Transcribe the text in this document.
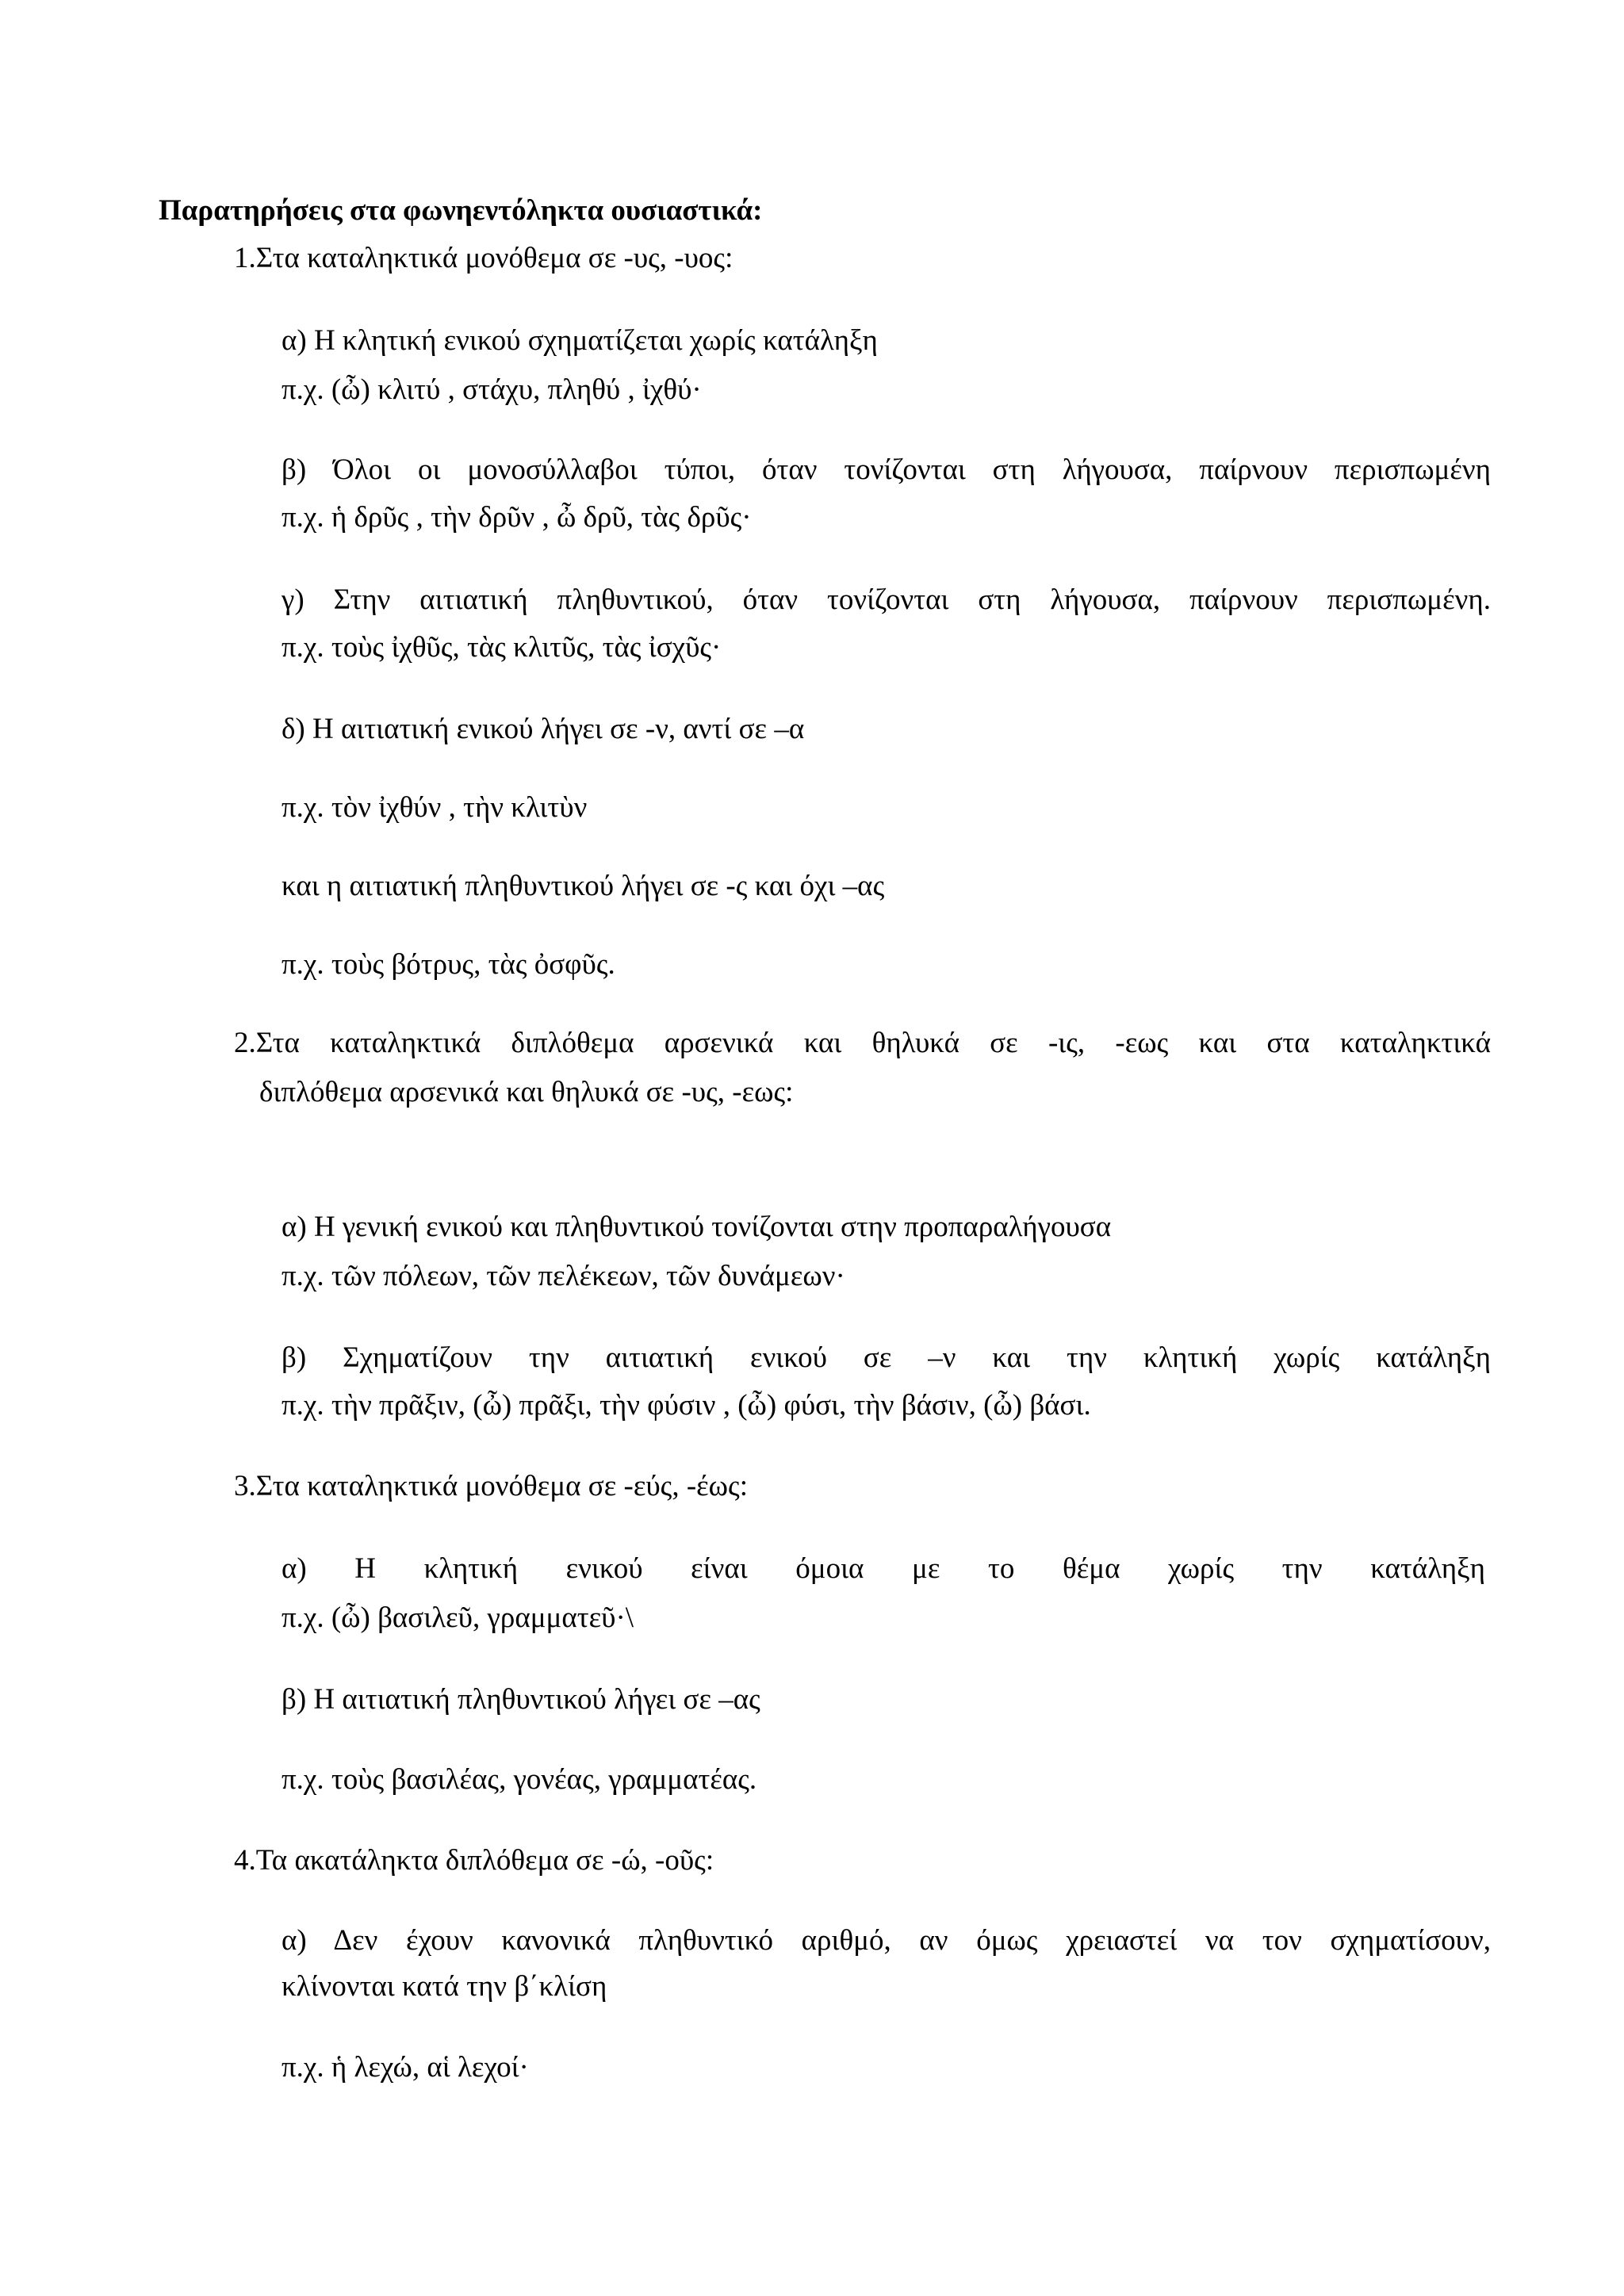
Παρατηρήσεις στα φωνηεντόληκτα ουσιαστικά:
1.Στα καταληκτικά μονόθεμα σε -υς, -υος:
α) Η κλητική ενικού σχηματίζεται χωρίς κατάληξη
π.χ. (ὦ) κλιτύ , στάχυ, πληθύ , ἰχθύ·
β) Όλοι οι μονοσύλλαβοι τύποι, όταν τονίζονται στη λήγουσα, παίρνουν περισπωμένη
π.χ. ἡ δρῦς , τὴν δρῦν , ὦ δρῦ, τὰς δρῦς·
γ) Στην αιτιατική πληθυντικού, όταν τονίζονται στη λήγουσα, παίρνουν περισπωμένη.
π.χ. τοὺς ἰχθῦς, τὰς κλιτῦς, τὰς ἰσχῦς·
δ) Η αιτιατική ενικού λήγει σε -ν, αντί σε –α
π.χ. τὸν ἰχθύν , τὴν κλιτὺν
και η αιτιατική πληθυντικού λήγει σε -ς και όχι –ας
π.χ. τοὺς βότρυς, τὰς ὀσφῦς.
2.Στα καταληκτικά διπλόθεμα αρσενικά και θηλυκά σε -ις, -εως και στα καταληκτικά
διπλόθεμα αρσενικά και θηλυκά σε -υς, -εως:
α) Η γενική ενικού και πληθυντικού τονίζονται στην προπαραλήγουσα
π.χ. τῶν πόλεων, τῶν πελέκεων, τῶν δυνάμεων·
β) Σχηματίζουν την αιτιατική ενικού σε –ν και την κλητική χωρίς κατάληξη
π.χ. τὴν πρᾶξιν, (ὦ) πρᾶξι, τὴν φύσιν , (ὦ) φύσι, τὴν βάσιν, (ὦ) βάσι.
3.Στα καταληκτικά μονόθεμα σε -εύς, -έως:
α) Η κλητική ενικού είναι όμοια με το θέμα χωρίς την κατάληξη
π.χ. (ὦ) βασιλεῦ, γραμματεῦ·\
β) Η αιτιατική πληθυντικού λήγει σε –ας
π.χ. τοὺς βασιλέας, γονέας, γραμματέας.
4.Τα ακατάληκτα διπλόθεμα σε -ώ, -οῦς:
α) Δεν έχουν κανονικά πληθυντικό αριθμό, αν όμως χρειαστεί να τον σχηματίσουν,
κλίνονται κατά την β΄κλίση
π.χ. ἡ λεχώ, αἱ λεχοί·
